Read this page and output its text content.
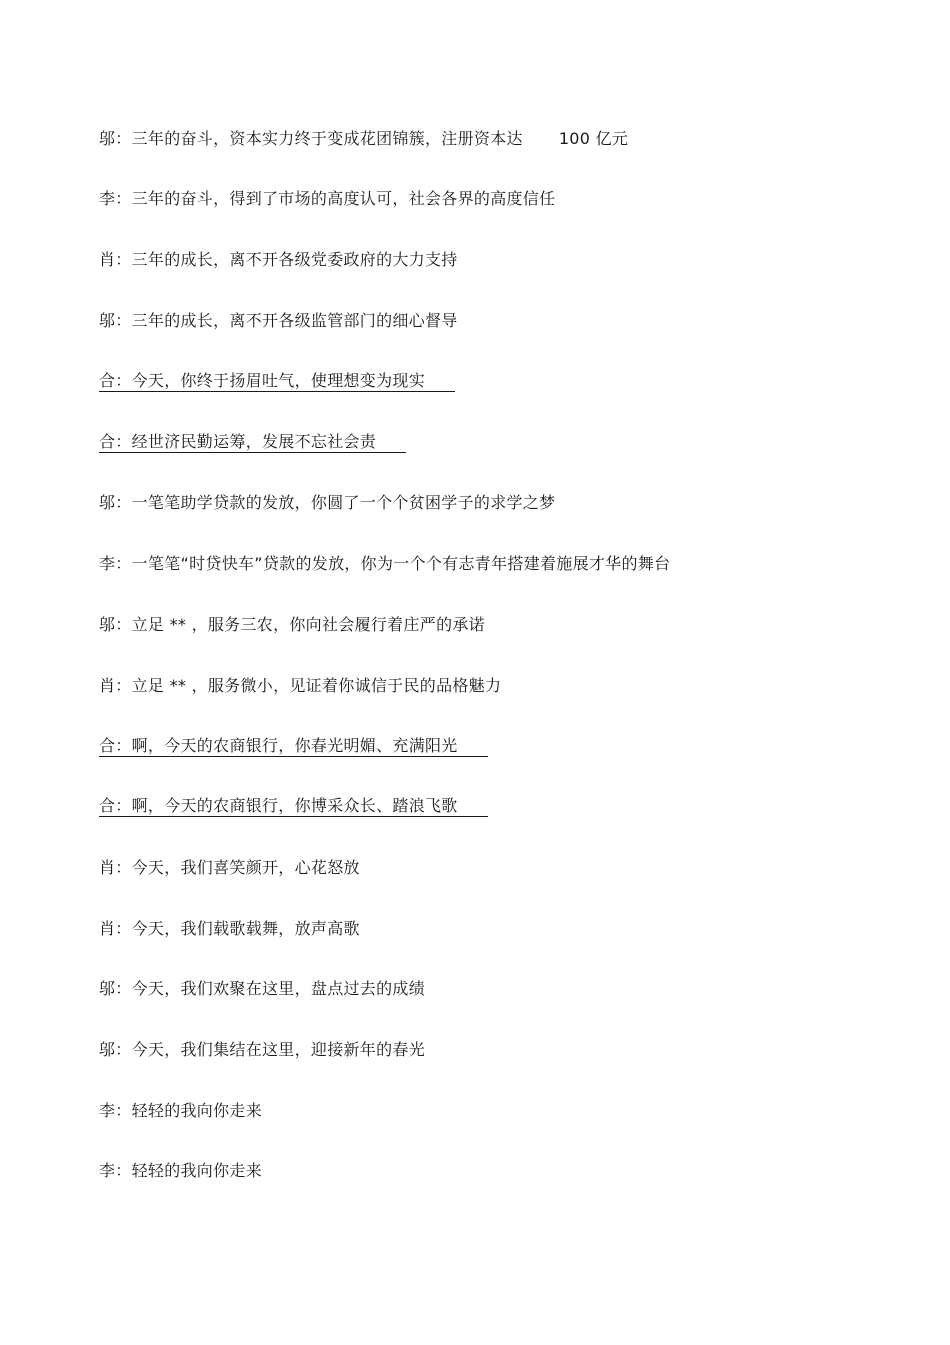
邬：三年的奋斗，资本实力终于变成花团锦簇，注册资本达 100 亿元
李：三年的奋斗，得到了市场的高度认可，社会各界的高度信任
肖：三年的成长，离不开各级党委政府的大力支持
邬：三年的成长，离不开各级监管部门的细心督导
合：今天，你终于扬眉吐气，使理想变为现实
合：经世济民勤运筹，发展不忘社会责
邬：一笔笔助学贷款的发放，你圆了一个个贫困学子的求学之梦
李：一笔笔“时贷快车”贷款的发放，你为一个个有志青年搭建着施展才华的舞台
邬：立足 ** ，服务三农，你向社会履行着庄严的承诺
肖：立足 ** ，服务微小，见证着你诚信于民的品格魅力
合：啊，今天的农商银行，你春光明媚、充满阳光
合：啊，今天的农商银行，你博采众长、踏浪飞歌
肖：今天，我们喜笑颜开，心花怒放
肖：今天，我们载歌载舞，放声高歌
邬：今天，我们欢聚在这里，盘点过去的成绩
邬：今天，我们集结在这里，迎接新年的春光
李：轻轻的我向你走来
李：轻轻的我向你走来
